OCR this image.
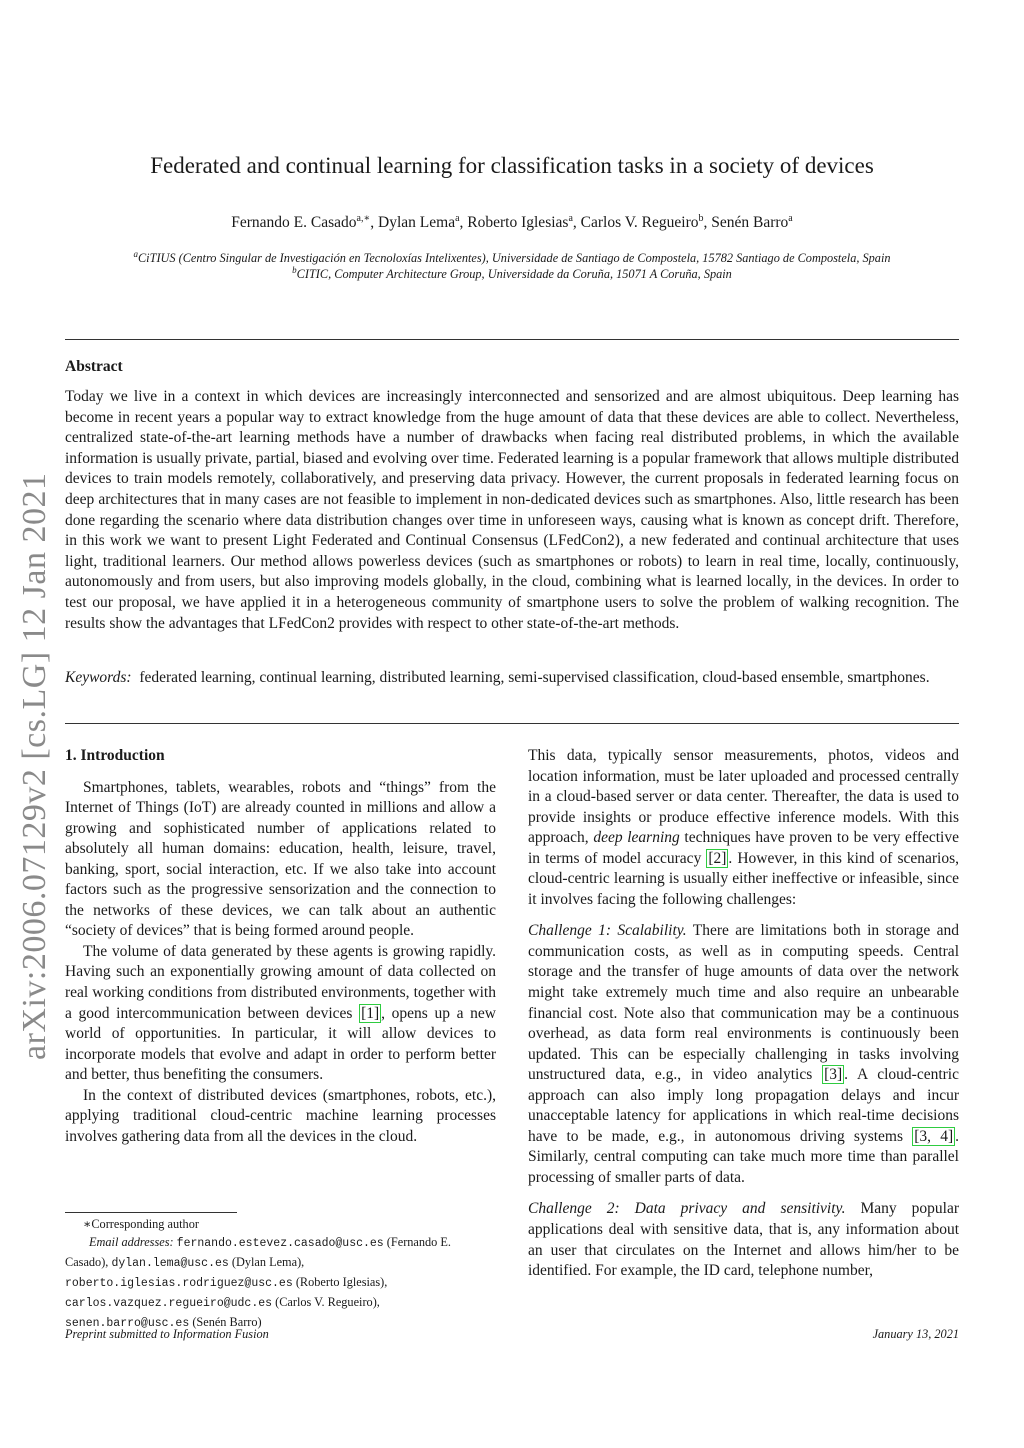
arXiv:2006.07129v2 [cs.LG] 12 Jan 2021
Federated and continual learning for classification tasks in a society of devices
Fernando E. Casado$^{a,∗}$, Dylan Lema$^a$, Roberto Iglesias$^a$, Carlos V. Regueiro$^b$, Senén Barro$^a$
$^a$CiTIUS (Centro Singular de Investigación en Tecnoloxías Intelixentes), Universidade de Santiago de Compostela, 15782 Santiago de Compostela, Spain
$^b$CITIC, Computer Architecture Group, Universidade da Coruña, 15071 A Coruña, Spain
Abstract
Today we live in a context in which devices are increasingly interconnected and sensorized and are almost ubiquitous. Deep learning has become in recent years a popular way to extract knowledge from the huge amount of data that these devices are able to collect. Nevertheless, centralized state-of-the-art learning methods have a number of drawbacks when facing real distributed problems, in which the available information is usually private, partial, biased and evolving over time. Federated learning is a popular framework that allows multiple distributed devices to train models remotely, collaboratively, and preserving data privacy. However, the current proposals in federated learning focus on deep architectures that in many cases are not feasible to implement in non-dedicated devices such as smartphones. Also, little research has been done regarding the scenario where data distribution changes over time in unforeseen ways, causing what is known as concept drift. Therefore, in this work we want to present Light Federated and Continual Consensus (LFedCon2), a new federated and continual architecture that uses light, traditional learners. Our method allows powerless devices (such as smartphones or robots) to learn in real time, locally, continuously, autonomously and from users, but also improving models globally, in the cloud, combining what is learned locally, in the devices. In order to test our proposal, we have applied it in a heterogeneous community of smartphone users to solve the problem of walking recognition. The results show the advantages that LFedCon2 provides with respect to other state-of-the-art methods.
Keywords: federated learning, continual learning, distributed learning, semi-supervised classification, cloud-based ensemble, smartphones.

1. Introduction

Smartphones, tablets, wearables, robots and “things” from the Internet of Things (IoT) are already counted in millions and allow a growing and sophisticated number of applications related to absolutely all human domains: education, health, leisure, travel, banking, sport, social interaction, etc. If we also take into account factors such as the progressive sensorization and the connection to the networks of these devices, we can talk about an authentic “society of devices” that is being formed around people.

The volume of data generated by these agents is growing rapidly. Having such an exponentially growing amount of data collected on real working conditions from distributed environments, together with a good intercommunication between devices [1] , opens up a new world of opportunities. In particular, it will allow devices to incorporate models that evolve and adapt in order to perform better and better, thus benefiting the consumers.

In the context of distributed devices (smartphones, robots, etc.), applying traditional cloud-centric machine learning processes involves gathering data from all the devices in the cloud.

This data, typically sensor measurements, photos, videos and location information, must be later uploaded and processed centrally in a cloud-based server or data center. Thereafter, the data is used to provide insights or produce effective inference models. With this approach, deep learning techniques have proven to be very effective in terms of model accuracy [2] . However, in this kind of scenarios, cloud-centric learning is usually either ineffective or infeasible, since it involves facing the following challenges:

Challenge 1: Scalability. There are limitations both in storage and communication costs, as well as in computing speeds. Central storage and the transfer of huge amounts of data over the network might take extremely much time and also require an unbearable financial cost. Note also that communication may be a continuous overhead, as data form real environments is continuously been updated. This can be especially challenging in tasks involving unstructured data, e.g., in video analytics [3] . A cloud-centric approach can also imply long propagation delays and incur unacceptable latency for applications in which real-time decisions have to be made, e.g., in autonomous driving systems [3, 4] . Similarly, central computing can take much more time than parallel processing of smaller parts of data.

Challenge 2: Data privacy and sensitivity. Many popular applications deal with sensitive data, that is, any information about an user that circulates on the Internet and allows him/her to be identified. For example, the ID card, telephone number,

∗Corresponding author
Email addresses: fernando.estevez.casado@usc.es (Fernando E. Casado), dylan.lema@usc.es (Dylan Lema),
roberto.iglesias.rodriguez@usc.es (Roberto Iglesias),
carlos.vazquez.regueiro@udc.es (Carlos V. Regueiro),
senen.barro@usc.es (Senén Barro)
Preprint submitted to Information Fusion	January 13, 2021
